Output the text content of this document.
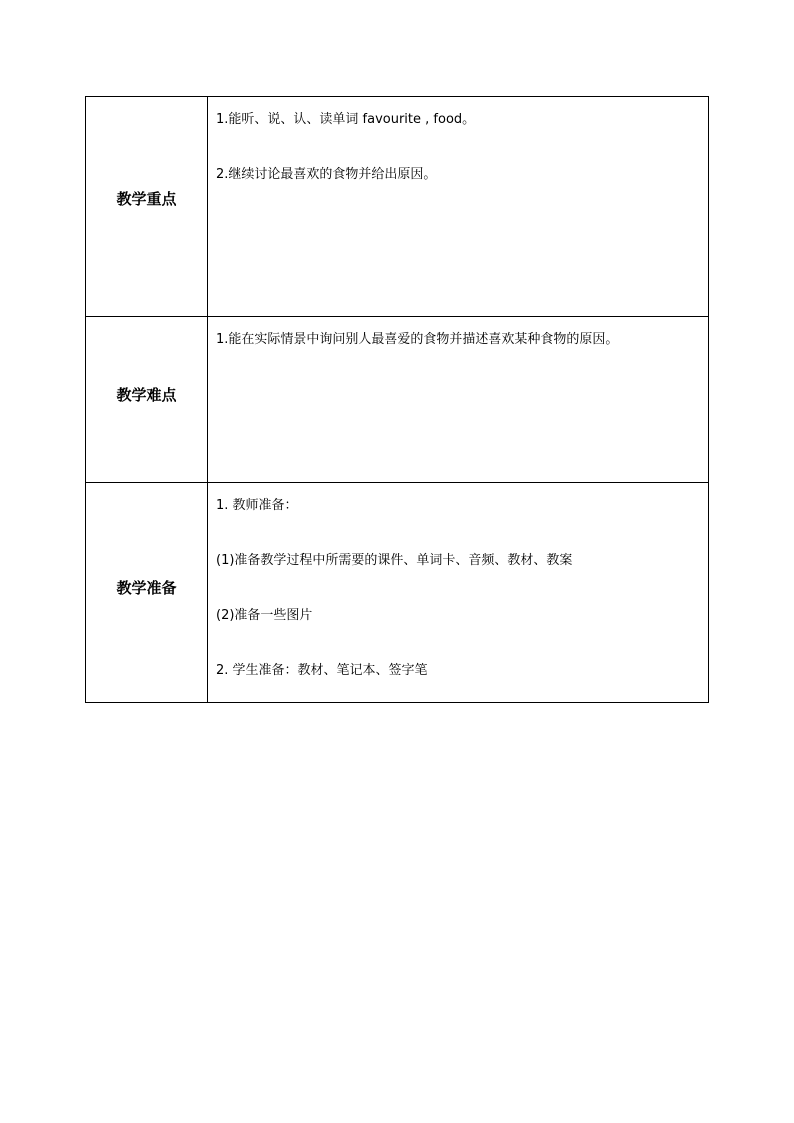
教学重点	1.能听、说、认、读单词 favourite , food。

2.继续讨论最喜欢的食物并给出原因。

教学难点	1.能在实际情景中询问别人最喜爱的食物并描述喜欢某种食物的原因。

教学准备	1. 教师准备：

(1)准备教学过程中所需要的课件、单词卡、音频、教材、教案

(2)准备一些图片

2. 学生准备：教材、笔记本、签字笔
